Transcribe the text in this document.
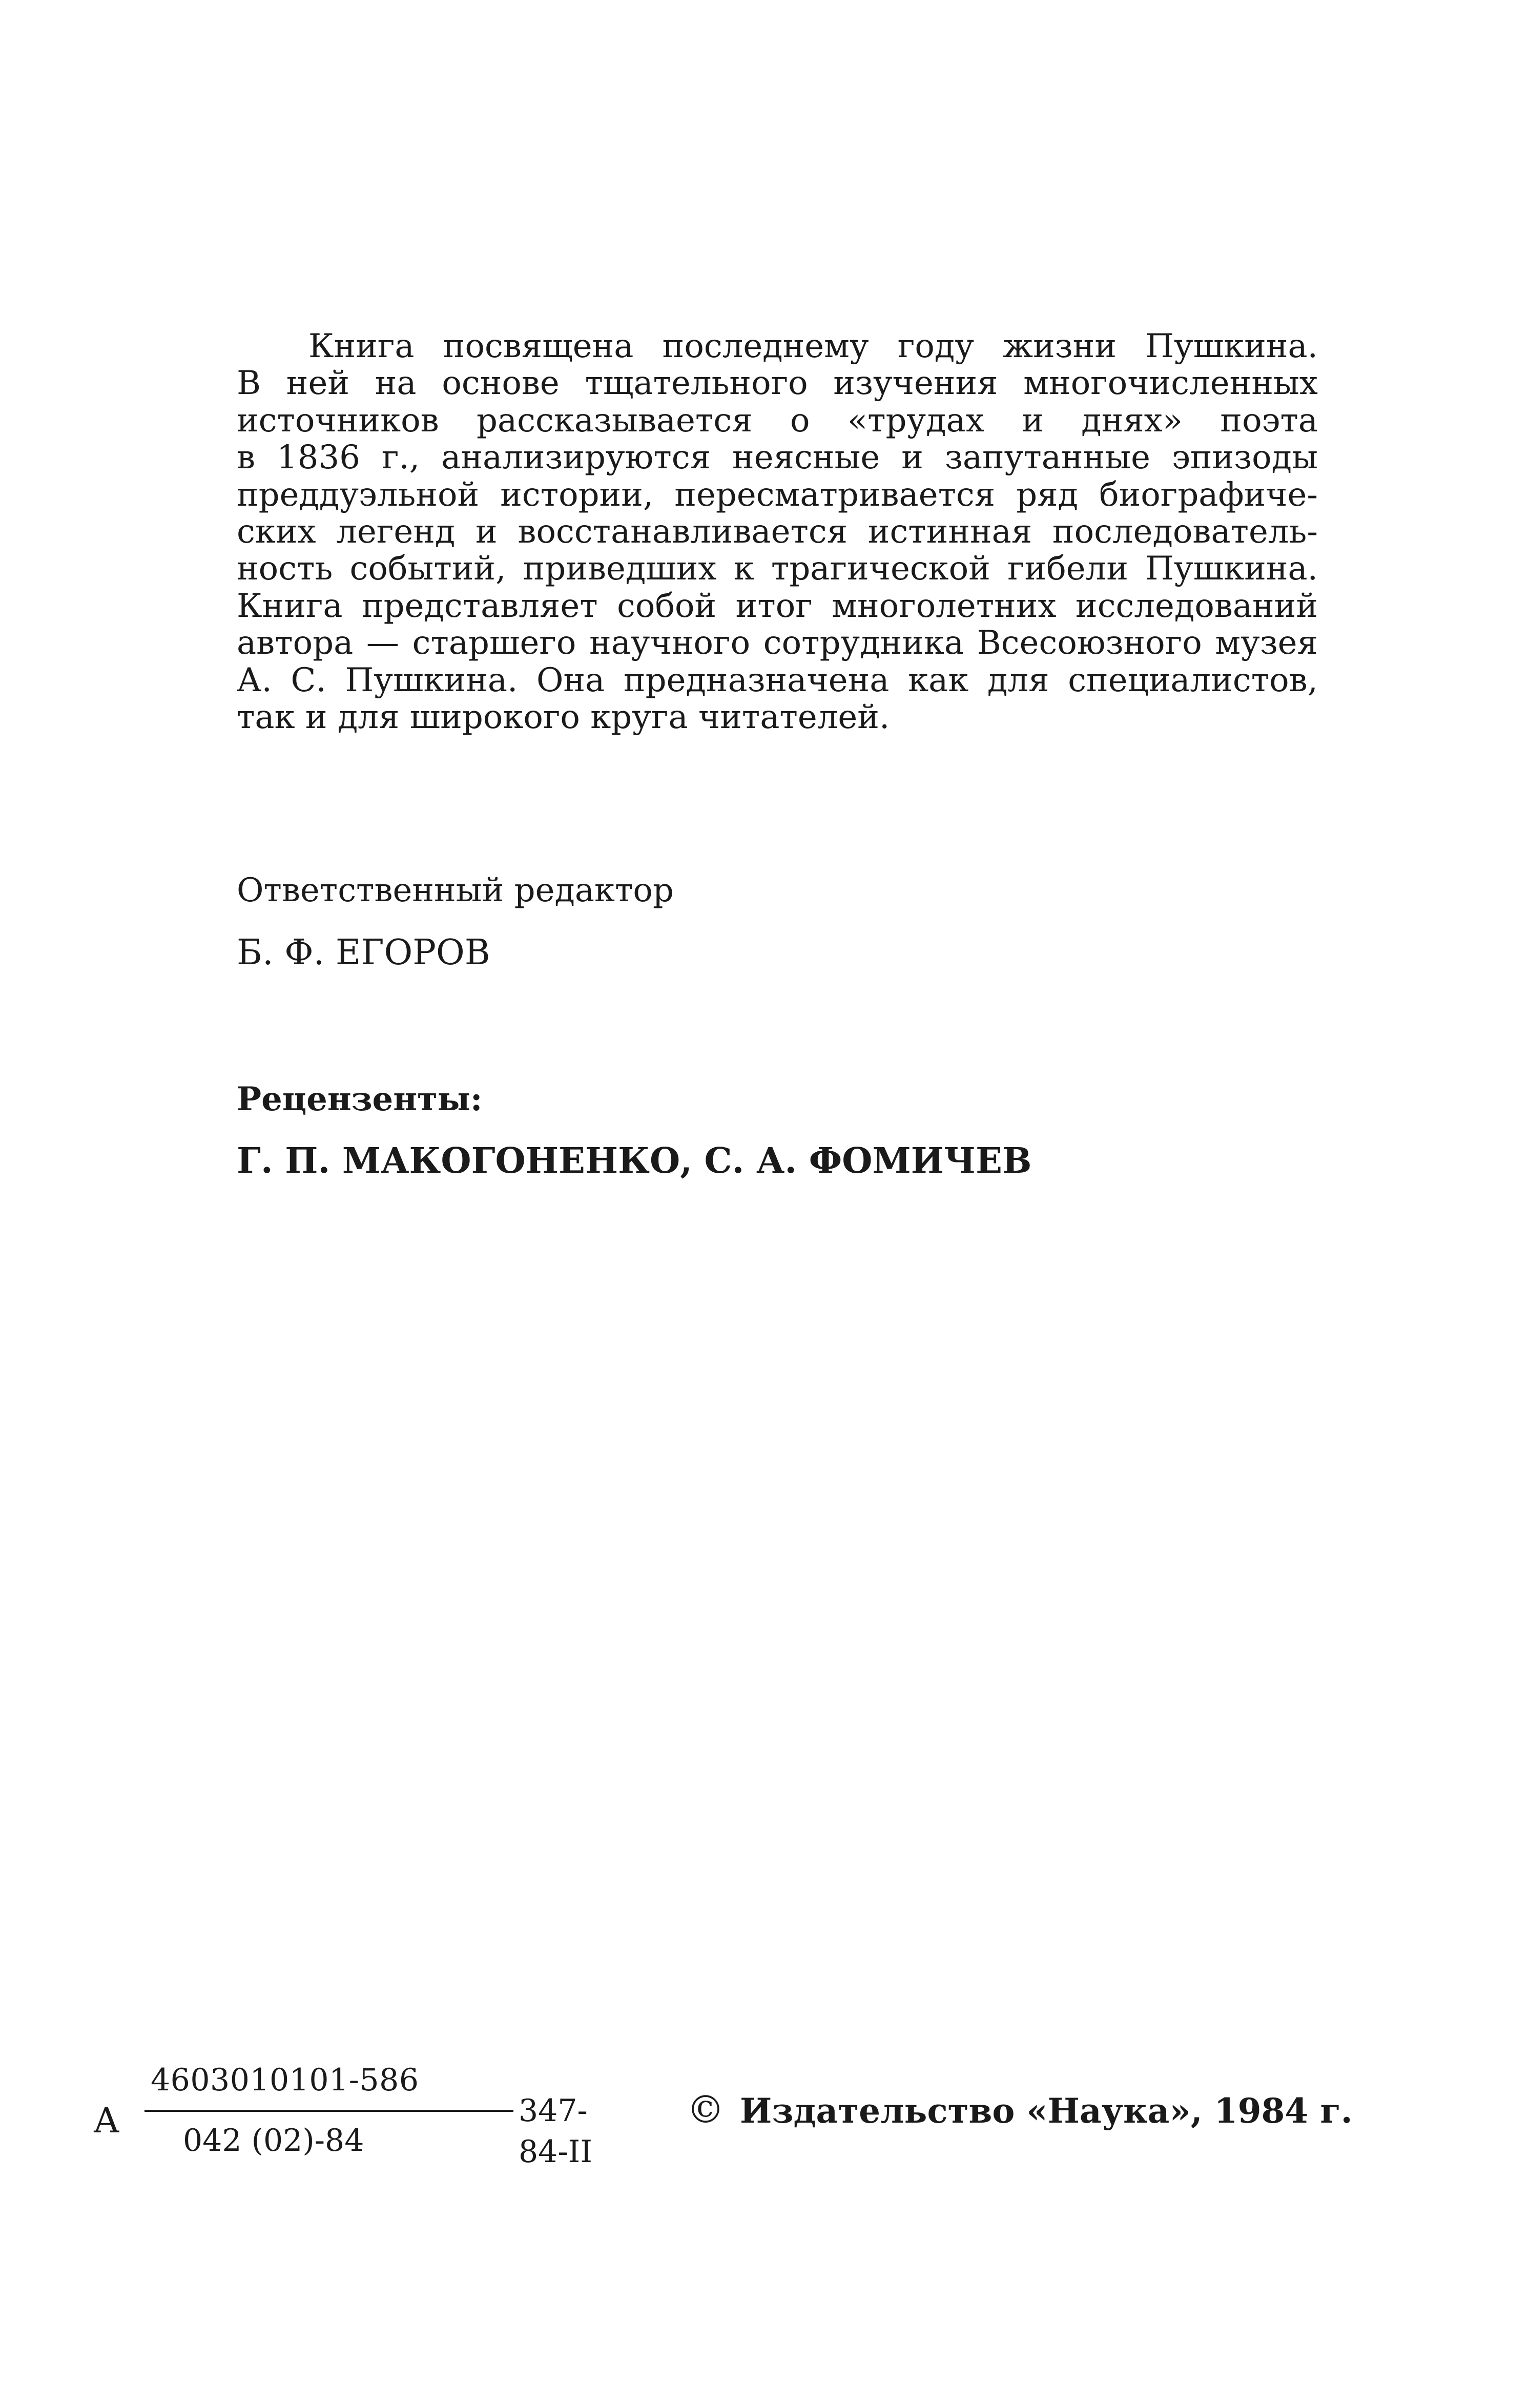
Книга посвящена последнему году жизни Пушкина.
В ней на основе тщательного изучения многочисленных
источников рассказывается о «трудах и днях» поэта
в 1836 г., анализируются неясные и запутанные эпизоды
преддуэльной истории, пересматривается ряд биографиче-
ских легенд и восстанавливается истинная последователь-
ность событий, приведших к трагической гибели Пушкина.
Книга представляет собой итог многолетних исследований
автора — старшего научного сотрудника Всесоюзного музея
А. С. Пушкина. Она предназначена как для специалистов,
так и для широкого круга читателей.
Ответственный редактор
Б. Ф. ЕГОРОВ
Рецензенты:
Г. П. МАКОГОНЕНКО, С. А. ФОМИЧЕВ
А
4603010101-586
042 (02)-84
347-84-II
© Издательство «Наука», 1984 г.
